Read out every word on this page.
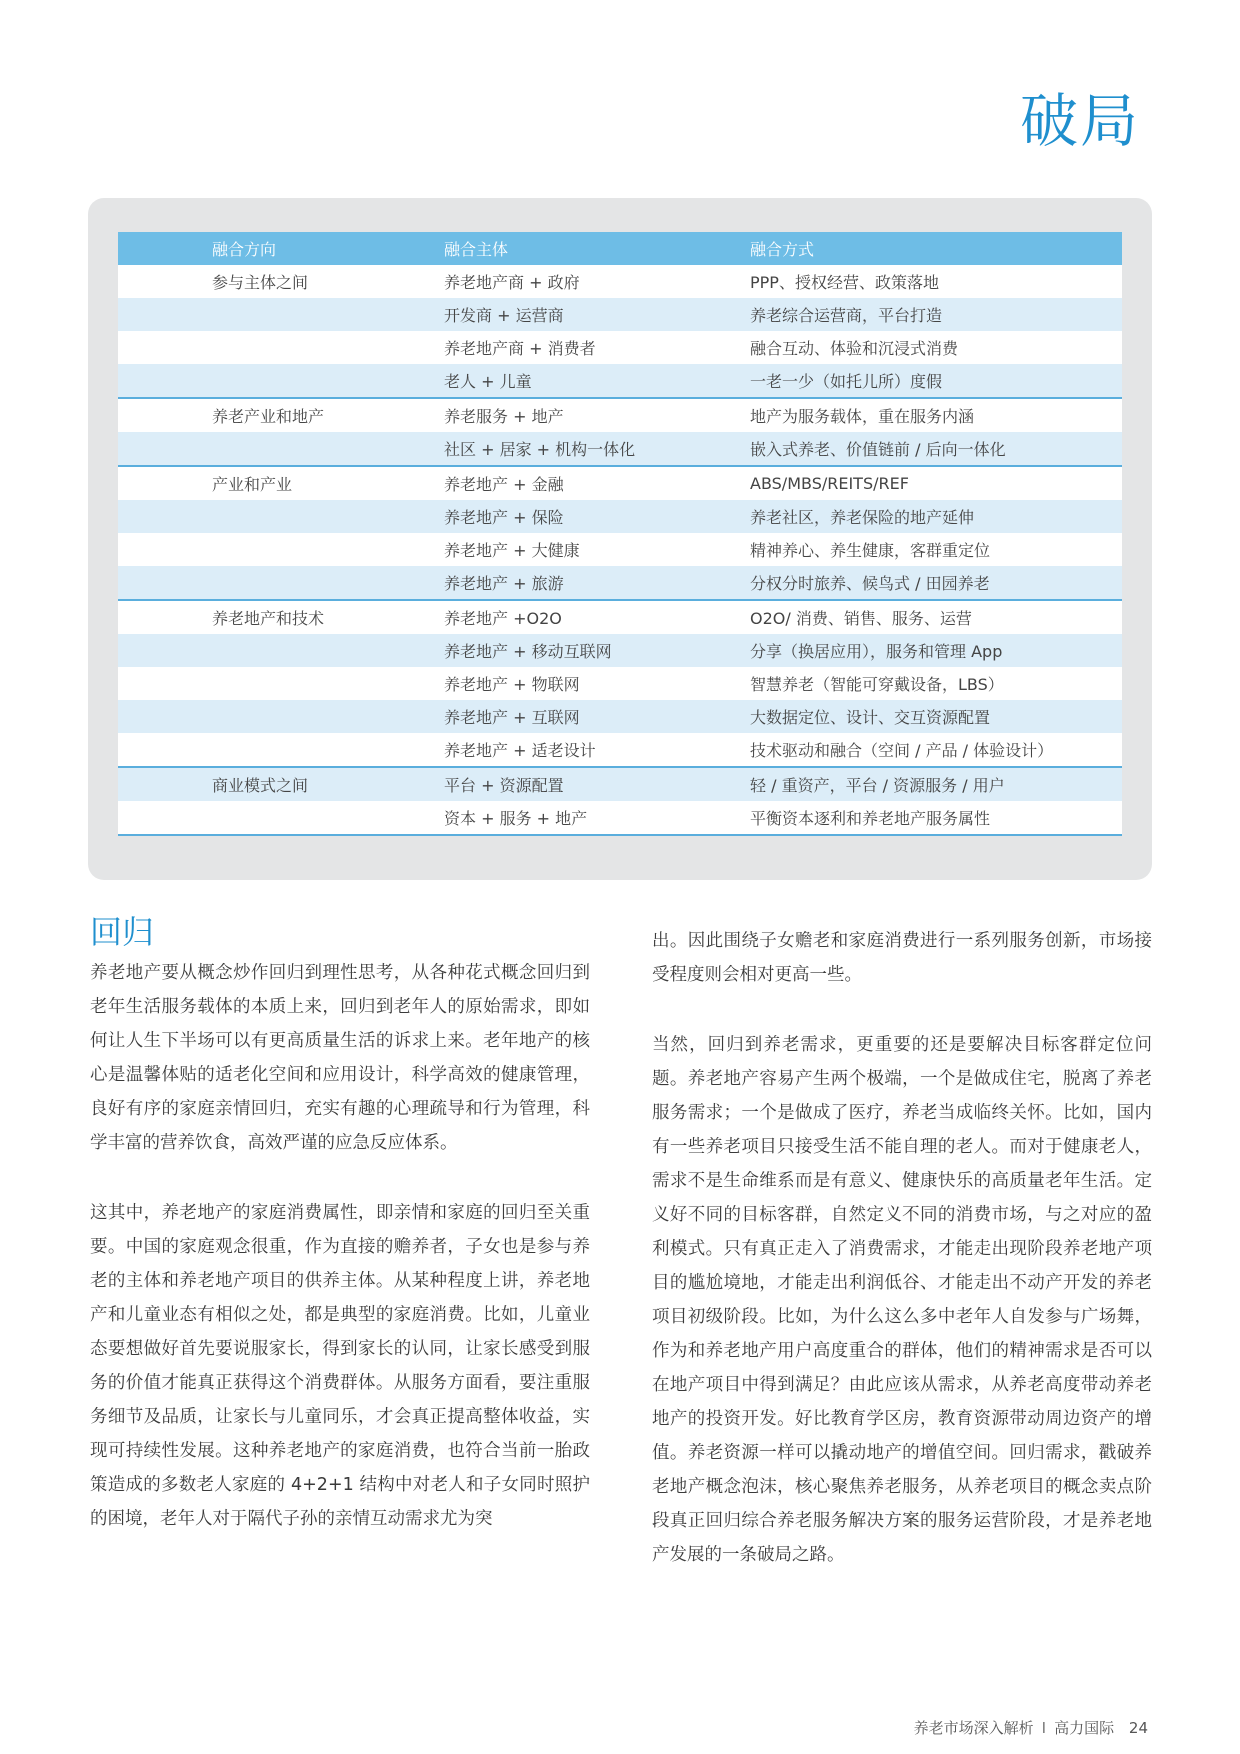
破局
融合方向	融合主体	融合方式
参与主体之间	养老地产商 + 政府	PPP、授权经营、政策落地
	开发商 + 运营商	养老综合运营商，平台打造
	养老地产商 + 消费者	融合互动、体验和沉浸式消费
	老人 + 儿童	一老一少（如托儿所）度假
养老产业和地产	养老服务 + 地产	地产为服务载体，重在服务内涵
	社区 + 居家 + 机构一体化	嵌入式养老、价值链前 / 后向一体化
产业和产业	养老地产 + 金融	ABS/MBS/REITS/REF
	养老地产 + 保险	养老社区，养老保险的地产延伸
	养老地产 + 大健康	精神养心、养生健康，客群重定位
	养老地产 + 旅游	分权分时旅养、候鸟式 / 田园养老
养老地产和技术	养老地产 +O2O	O2O/ 消费、销售、服务、运营
	养老地产 + 移动互联网	分享（换居应用），服务和管理 App
	养老地产 + 物联网	智慧养老（智能可穿戴设备，LBS）
	养老地产 + 互联网	大数据定位、设计、交互资源配置
	养老地产 + 适老设计	技术驱动和融合（空间 / 产品 / 体验设计）
商业模式之间	平台 + 资源配置	轻 / 重资产，平台 / 资源服务 / 用户
	资本 + 服务 + 地产	平衡资本逐利和养老地产服务属性
回归

养老地产要从概念炒作回归到理性思考，从各种花式概念回归到老年生活服务载体的本质上来，回归到老年人的原始需求，即如何让人生下半场可以有更高质量生活的诉求上来。老年地产的核心是温馨体贴的适老化空间和应用设计，科学高效的健康管理，良好有序的家庭亲情回归，充实有趣的心理疏导和行为管理，科学丰富的营养饮食，高效严谨的应急反应体系。

这其中，养老地产的家庭消费属性，即亲情和家庭的回归至关重要。中国的家庭观念很重，作为直接的赡养者，子女也是参与养老的主体和养老地产项目的供养主体。从某种程度上讲，养老地产和儿童业态有相似之处，都是典型的家庭消费。比如，儿童业态要想做好首先要说服家长，得到家长的认同，让家长感受到服务的价值才能真正获得这个消费群体。从服务方面看，要注重服务细节及品质，让家长与儿童同乐，才会真正提高整体收益，实现可持续性发展。这种养老地产的家庭消费，也符合当前一胎政策造成的多数老人家庭的 4+2+1 结构中对老人和子女同时照护的困境，老年人对于隔代子孙的亲情互动需求尤为突

出。因此围绕子女赡老和家庭消费进行一系列服务创新，市场接受程度则会相对更高一些。

当然，回归到养老需求，更重要的还是要解决目标客群定位问题。养老地产容易产生两个极端，一个是做成住宅，脱离了养老服务需求；一个是做成了医疗，养老当成临终关怀。比如，国内有一些养老项目只接受生活不能自理的老人。而对于健康老人，需求不是生命维系而是有意义、健康快乐的高质量老年生活。定义好不同的目标客群，自然定义不同的消费市场，与之对应的盈利模式。只有真正走入了消费需求，才能走出现阶段养老地产项目的尴尬境地，才能走出利润低谷、才能走出不动产开发的养老项目初级阶段。比如，为什么这么多中老年人自发参与广场舞，作为和养老地产用户高度重合的群体，他们的精神需求是否可以在地产项目中得到满足？由此应该从需求，从养老高度带动养老地产的投资开发。好比教育学区房，教育资源带动周边资产的增值。养老资源一样可以撬动地产的增值空间。回归需求，戳破养老地产概念泡沫，核心聚焦养老服务，从养老项目的概念卖点阶段真正回归综合养老服务解决方案的服务运营阶段，才是养老地产发展的一条破局之路。

养老市场深入解析 I 高力国际 24
